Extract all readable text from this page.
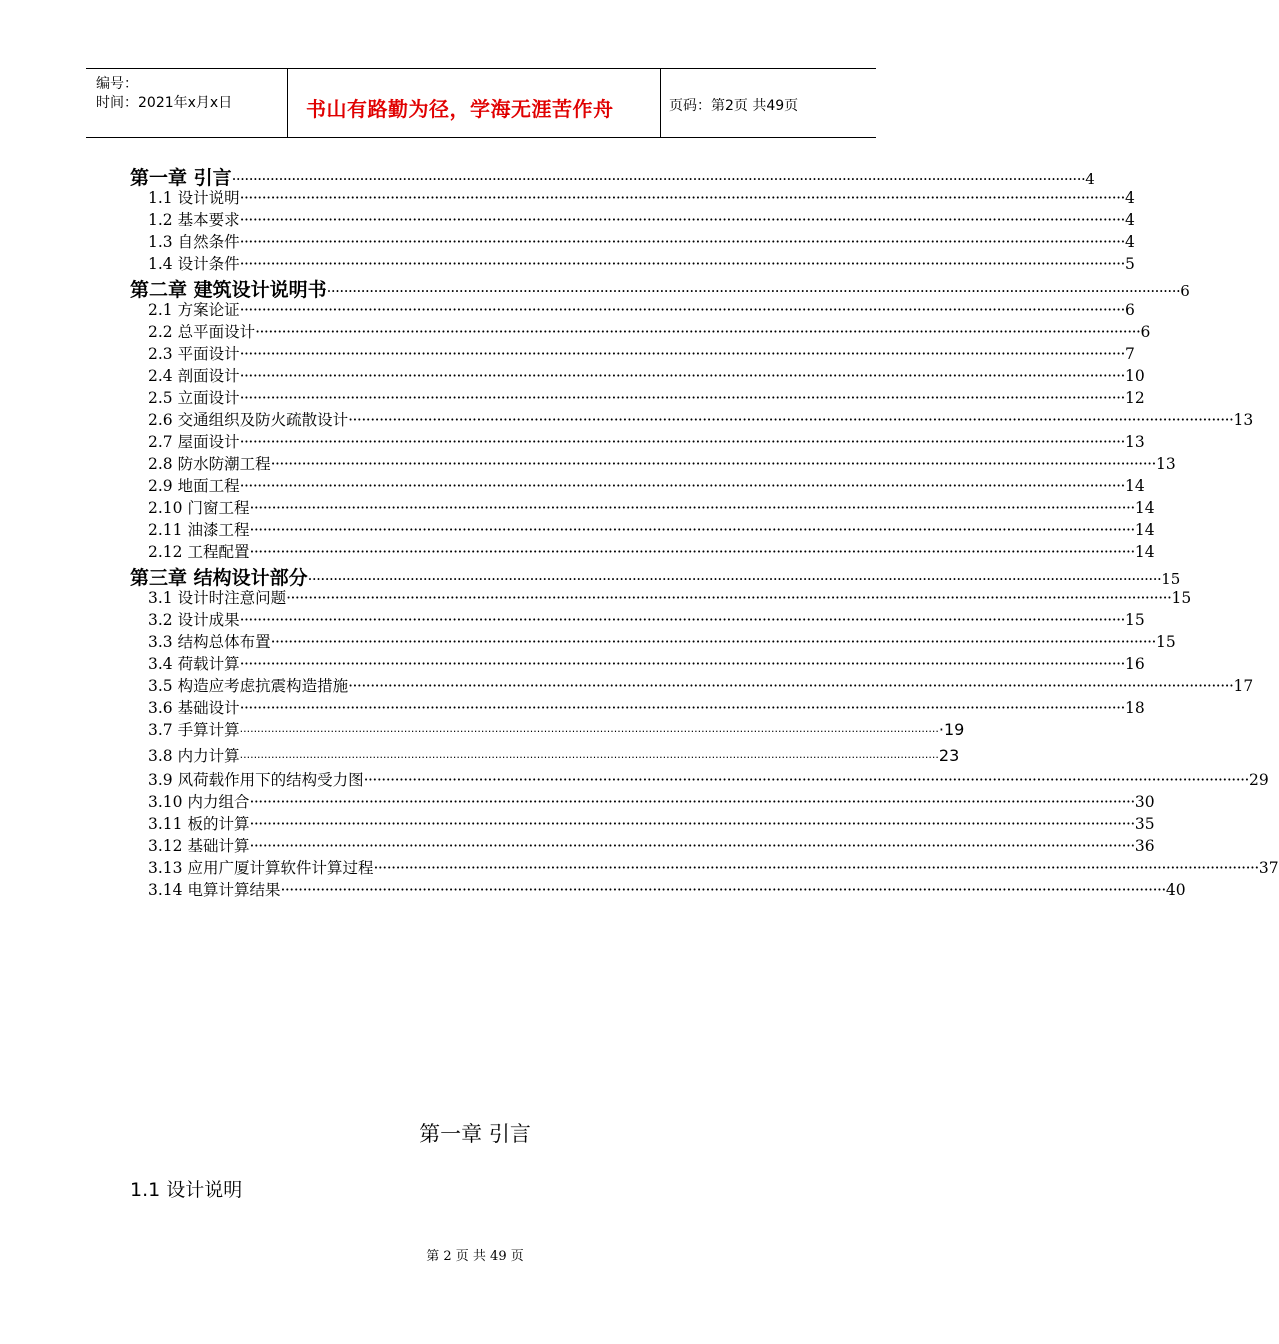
编号：
时间：2021年x月x日	书山有路勤为径，学海无涯苦作舟	页码：第2页 共49页
第一章 引言 ········································································································································································································ 4
1.1 设计说明 ········································································································································································································ 4
1.2 基本要求 ········································································································································································································ 4
1.3 自然条件 ········································································································································································································ 4
1.4 设计条件 ········································································································································································································ 5
第二章 建筑设计说明书 ········································································································································································································ 6
2.1 方案论证 ········································································································································································································ 6
2.2 总平面设计 ········································································································································································································ 6
2.3 平面设计 ········································································································································································································ 7
2.4 剖面设计 ········································································································································································································ 10
2.5 立面设计 ········································································································································································································ 12
2.6 交通组织及防火疏散设计 ········································································································································································································ 13
2.7 屋面设计 ········································································································································································································ 13
2.8 防水防潮工程 ········································································································································································································ 13
2.9 地面工程 ········································································································································································································ 14
2.10 门窗工程 ········································································································································································································ 14
2.11 油漆工程 ········································································································································································································ 14
2.12 工程配置 ········································································································································································································ 14
第三章 结构设计部分 ········································································································································································································ 15
3.1 设计时注意问题 ········································································································································································································ 15
3.2 设计成果 ········································································································································································································ 15
3.3 结构总体布置 ········································································································································································································ 15
3.4 荷载计算 ········································································································································································································ 16
3.5 构造应考虑抗震构造措施 ········································································································································································································ 17
3.6 基础设计 ········································································································································································································ 18
3.7 手算计算 ········································································································································································································ ·19
3.8 内力计算 ········································································································································································································ 23
3.9 风荷载作用下的结构受力图 ········································································································································································································ 29
3.10 内力组合 ········································································································································································································ 30
3.11 板的计算 ········································································································································································································ 35
3.12 基础计算 ········································································································································································································ 36
3.13 应用广厦计算软件计算过程 ········································································································································································································ 37
3.14 电算计算结果 ········································································································································································································ 40
第一章 引言
1.1 设计说明
第 2 页 共 49 页
